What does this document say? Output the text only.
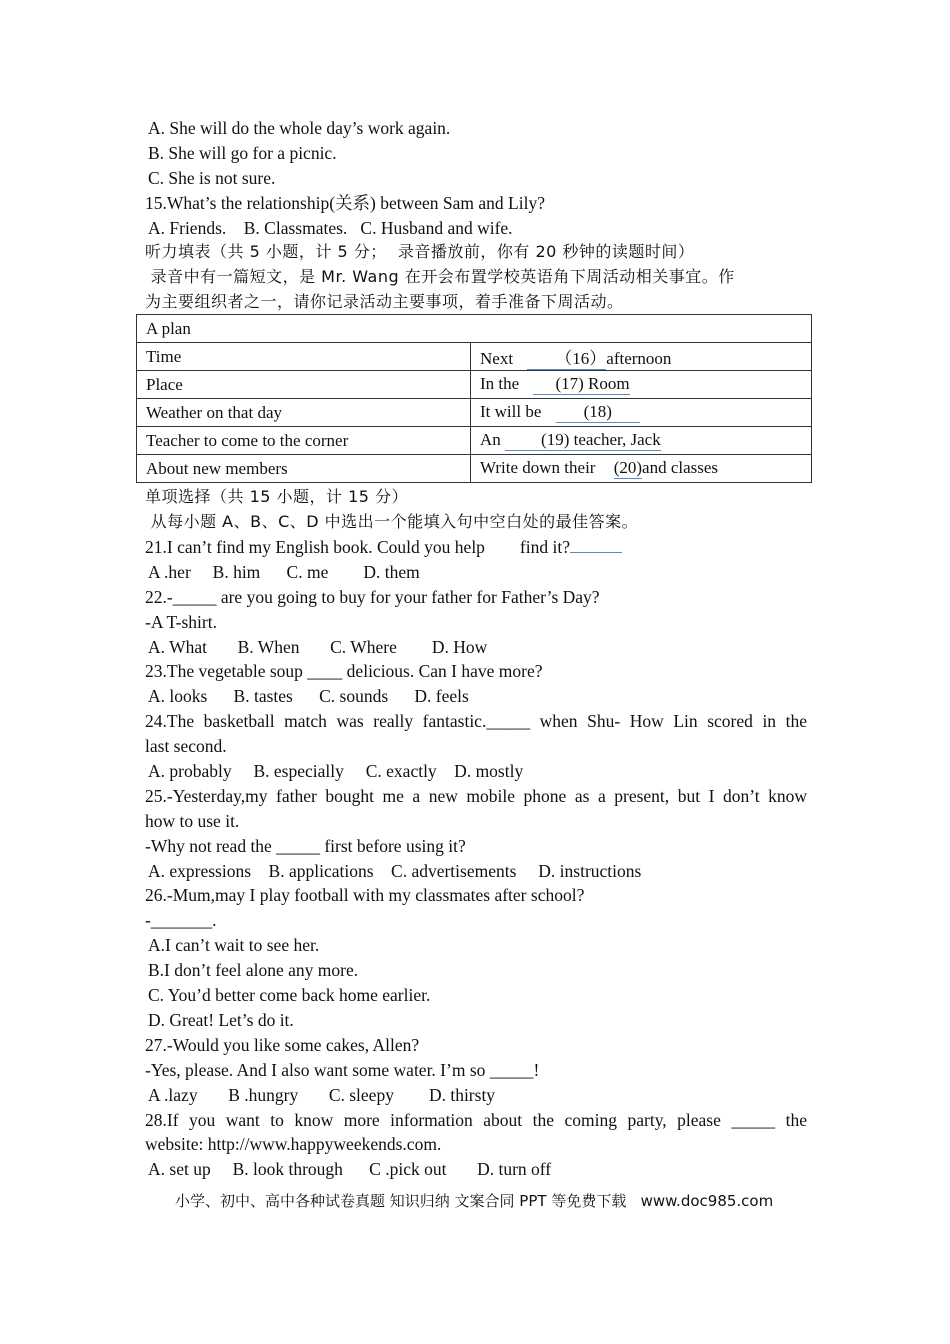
A. She will do the whole day’s work again.
B. She will go for a picnic.
C. She is not sure.
15.What’s the relationship(关系) between Sam and Lily?
A. Friends.    B. Classmates.   C. Husband and wife.
听力填表（共 5 小题，计 5 分；  录音播放前，你有 20 秒钟的读题时间）
录音中有一篇短文，是 Mr. Wang 在开会布置学校英语角下周活动相关事宜。作
为主要组织者之一，请你记录活动主要事项，着手准备下周活动。
A plan	
Time	Next （16）afternoon
Place	In the (17) Room
Weather on that day	It will be (18)
Teacher to come to the corner	An (19) teacher, Jack
About new members	Write down their (20)and classes
单项选择（共 15 小题，计 15 分）
从每小题 A、B、C、D 中选出一个能填入句中空白处的最佳答案。
21.I can’t find my English book. Could you help        find it?
A .her     B. him      C. me        D. them
22.-_____ are you going to buy for your father for Father’s Day?
-A T-shirt.
A. What       B. When       C. Where        D. How
23.The vegetable soup ____ delicious. Can I have more?
A. looks      B. tastes      C. sounds      D. feels
24.The basketball match was really fantastic._____ when Shu- How Lin scored in the
last second.
A. probably     B. especially     C. exactly    D. mostly
25.-Yesterday,my father bought me a new mobile phone as a present, but I don’t know
how to use it.
-Why not read the _____ first before using it?
A. expressions    B. applications    C. advertisements     D. instructions
26.-Mum,may I play football with my classmates after school?
-_______.
A.I can’t wait to see her.
B.I don’t feel alone any more.
C. You’d better come back home earlier.
D. Great! Let’s do it.
27.-Would you like some cakes, Allen?
-Yes, please. And I also want some water. I’m so _____!
A .lazy       B .hungry       C. sleepy        D. thirsty
28.If you want to know more information about the coming party, please _____ the
website: http://www.happyweekends.com.
A. set up     B. look through      C .pick out       D. turn off
小学、初中、高中各种试卷真题 知识归纳 文案合同 PPT 等免费下载   www.doc985.com
